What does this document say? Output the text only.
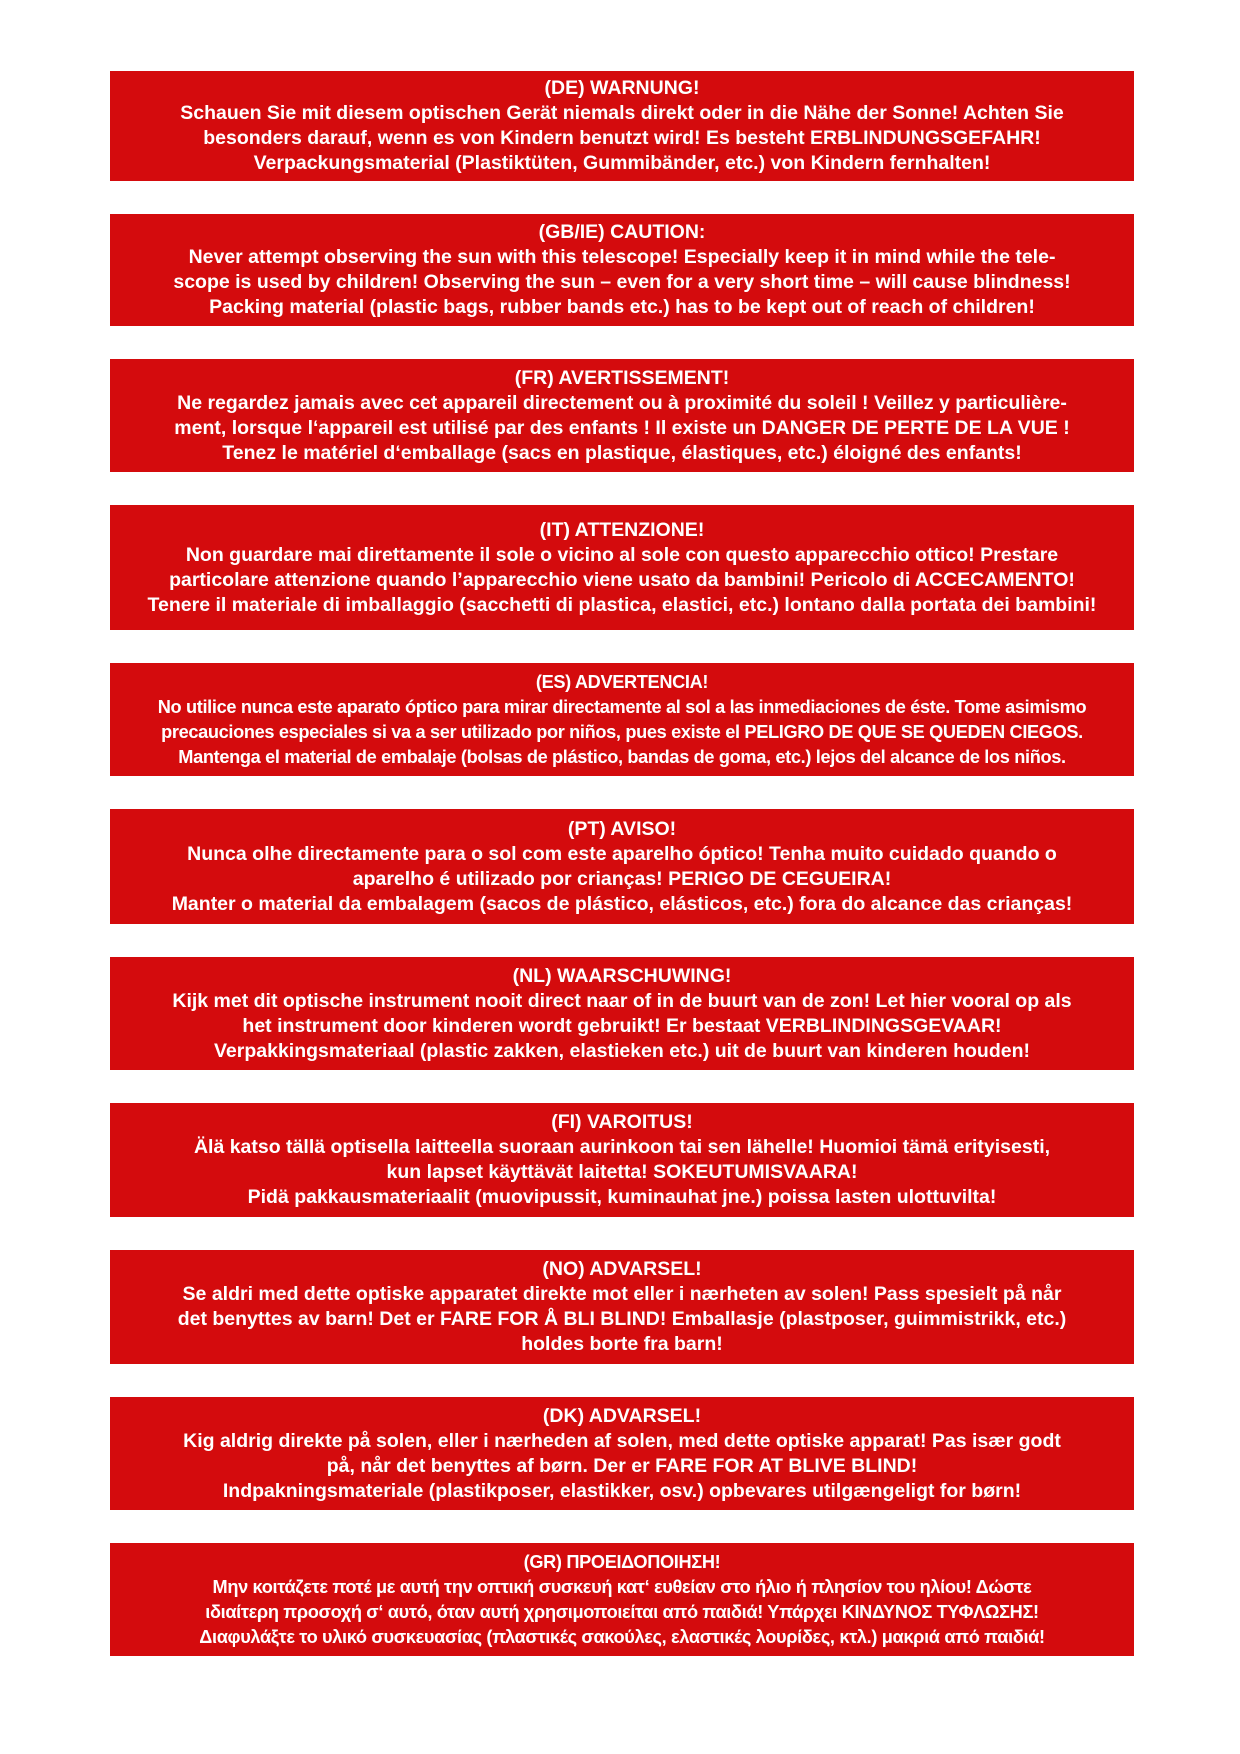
(DE) WARNUNG!
Schauen Sie mit diesem optischen Gerät niemals direkt oder in die Nähe der Sonne! Achten Sie
besonders darauf, wenn es von Kindern benutzt wird! Es besteht ERBLINDUNGSGEFAHR!
Verpackungsmaterial (Plastiktüten, Gummibänder, etc.) von Kindern fernhalten!
(GB/IE) CAUTION:
Never attempt observing the sun with this telescope! Especially keep it in mind while the tele-
scope is used by children! Observing the sun – even for a very short time – will cause blindness!
Packing material (plastic bags, rubber bands etc.) has to be kept out of reach of children!
(FR) AVERTISSEMENT!
Ne regardez jamais avec cet appareil directement ou à proximité du soleil ! Veillez y particulière-
ment, lorsque l‘appareil est utilisé par des enfants ! Il existe un DANGER DE PERTE DE LA VUE !
Tenez le matériel d‘emballage (sacs en plastique, élastiques, etc.) éloigné des enfants!
(IT) ATTENZIONE!
Non guardare mai direttamente il sole o vicino al sole con questo apparecchio ottico! Prestare
particolare attenzione quando l’apparecchio viene usato da bambini! Pericolo di ACCECAMENTO!
Tenere il materiale di imballaggio (sacchetti di plastica, elastici, etc.) lontano dalla portata dei bambini!
(ES) ADVERTENCIA!
No utilice nunca este aparato óptico para mirar directamente al sol a las inmediaciones de éste. Tome asimismo
precauciones especiales si va a ser utilizado por niños, pues existe el PELIGRO DE QUE SE QUEDEN CIEGOS.
Mantenga el material de embalaje (bolsas de plástico, bandas de goma, etc.) lejos del alcance de los niños.
(PT) AVISO!
Nunca olhe directamente para o sol com este aparelho óptico! Tenha muito cuidado quando o
aparelho é utilizado por crianças! PERIGO DE CEGUEIRA!
Manter o material da embalagem (sacos de plástico, elásticos, etc.) fora do alcance das crianças!
(NL) WAARSCHUWING!
Kijk met dit optische instrument nooit direct naar of in de buurt van de zon! Let hier vooral op als
het instrument door kinderen wordt gebruikt! Er bestaat VERBLINDINGSGEVAAR!
Verpakkingsmateriaal (plastic zakken, elastieken etc.) uit de buurt van kinderen houden!
(FI) VAROITUS!
Älä katso tällä optisella laitteella suoraan aurinkoon tai sen lähelle! Huomioi tämä erityisesti,
kun lapset käyttävät laitetta! SOKEUTUMISVAARA!
Pidä pakkausmateriaalit (muovipussit, kuminauhat jne.) poissa lasten ulottuvilta!
(NO) ADVARSEL!
Se aldri med dette optiske apparatet direkte mot eller i nærheten av solen! Pass spesielt på når
det benyttes av barn! Det er FARE FOR Å BLI BLIND! Emballasje (plastposer, guimmistrikk, etc.)
holdes borte fra barn!
(DK) ADVARSEL!
Kig aldrig direkte på solen, eller i nærheden af solen, med dette optiske apparat! Pas især godt
på, når det benyttes af børn. Der er FARE FOR AT BLIVE BLIND!
Indpakningsmateriale (plastikposer, elastikker, osv.) opbevares utilgængeligt for børn!
(GR) ΠΡΟΕΙΔΟΠΟΙΗΣΗ!
Μην κοιτάζετε ποτέ με αυτή την οπτική συσκευή κατ‘ ευθείαν στο ήλιο ή πλησίον του ηλίου! Δώστε
ιδιαίτερη προσοχή σ‘ αυτό, όταν αυτή χρησιμοποιείται από παιδιά! Υπάρχει ΚΙΝΔΥΝΟΣ ΤΥΦΛΩΣΗΣ!
Διαφυλάξτε το υλικό συσκευασίας (πλαστικές σακούλες, ελαστικές λουρίδες, κτλ.) μακριά από παιδιά!
